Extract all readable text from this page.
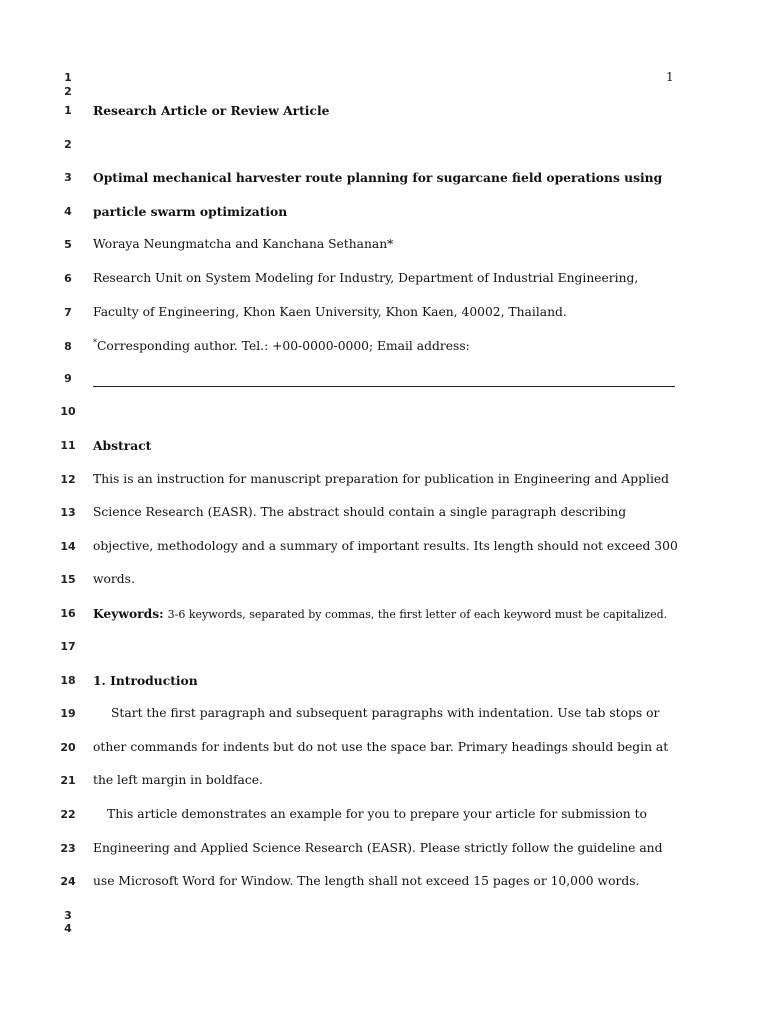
1
2
1
1
2
3
4
5
6
7
8
9
10
11
12
13
14
15
16
17
18
19
20
21
22
23
24
3
4
Research Article or Review Article
Optimal mechanical harvester route planning for sugarcane field operations using
particle swarm optimization
Woraya Neungmatcha and Kanchana Sethanan*
Research Unit on System Modeling for Industry, Department of Industrial Engineering,
Faculty of Engineering, Khon Kaen University, Khon Kaen, 40002, Thailand.
*Corresponding author. Tel.: +00-0000-0000; Email address:
Abstract
This is an instruction for manuscript preparation for publication in Engineering and Applied
Science Research (EASR). The abstract should contain a single paragraph describing
objective, methodology and a summary of important results. Its length should not exceed 300
words.
Keywords: 3-6 keywords, separated by commas, the first letter of each keyword must be capitalized.
1. Introduction
Start the first paragraph and subsequent paragraphs with indentation. Use tab stops or
other commands for indents but do not use the space bar. Primary headings should begin at
the left margin in boldface.
This article demonstrates an example for you to prepare your article for submission to
Engineering and Applied Science Research (EASR). Please strictly follow the guideline and
use Microsoft Word for Window. The length shall not exceed 15 pages or 10,000 words.
